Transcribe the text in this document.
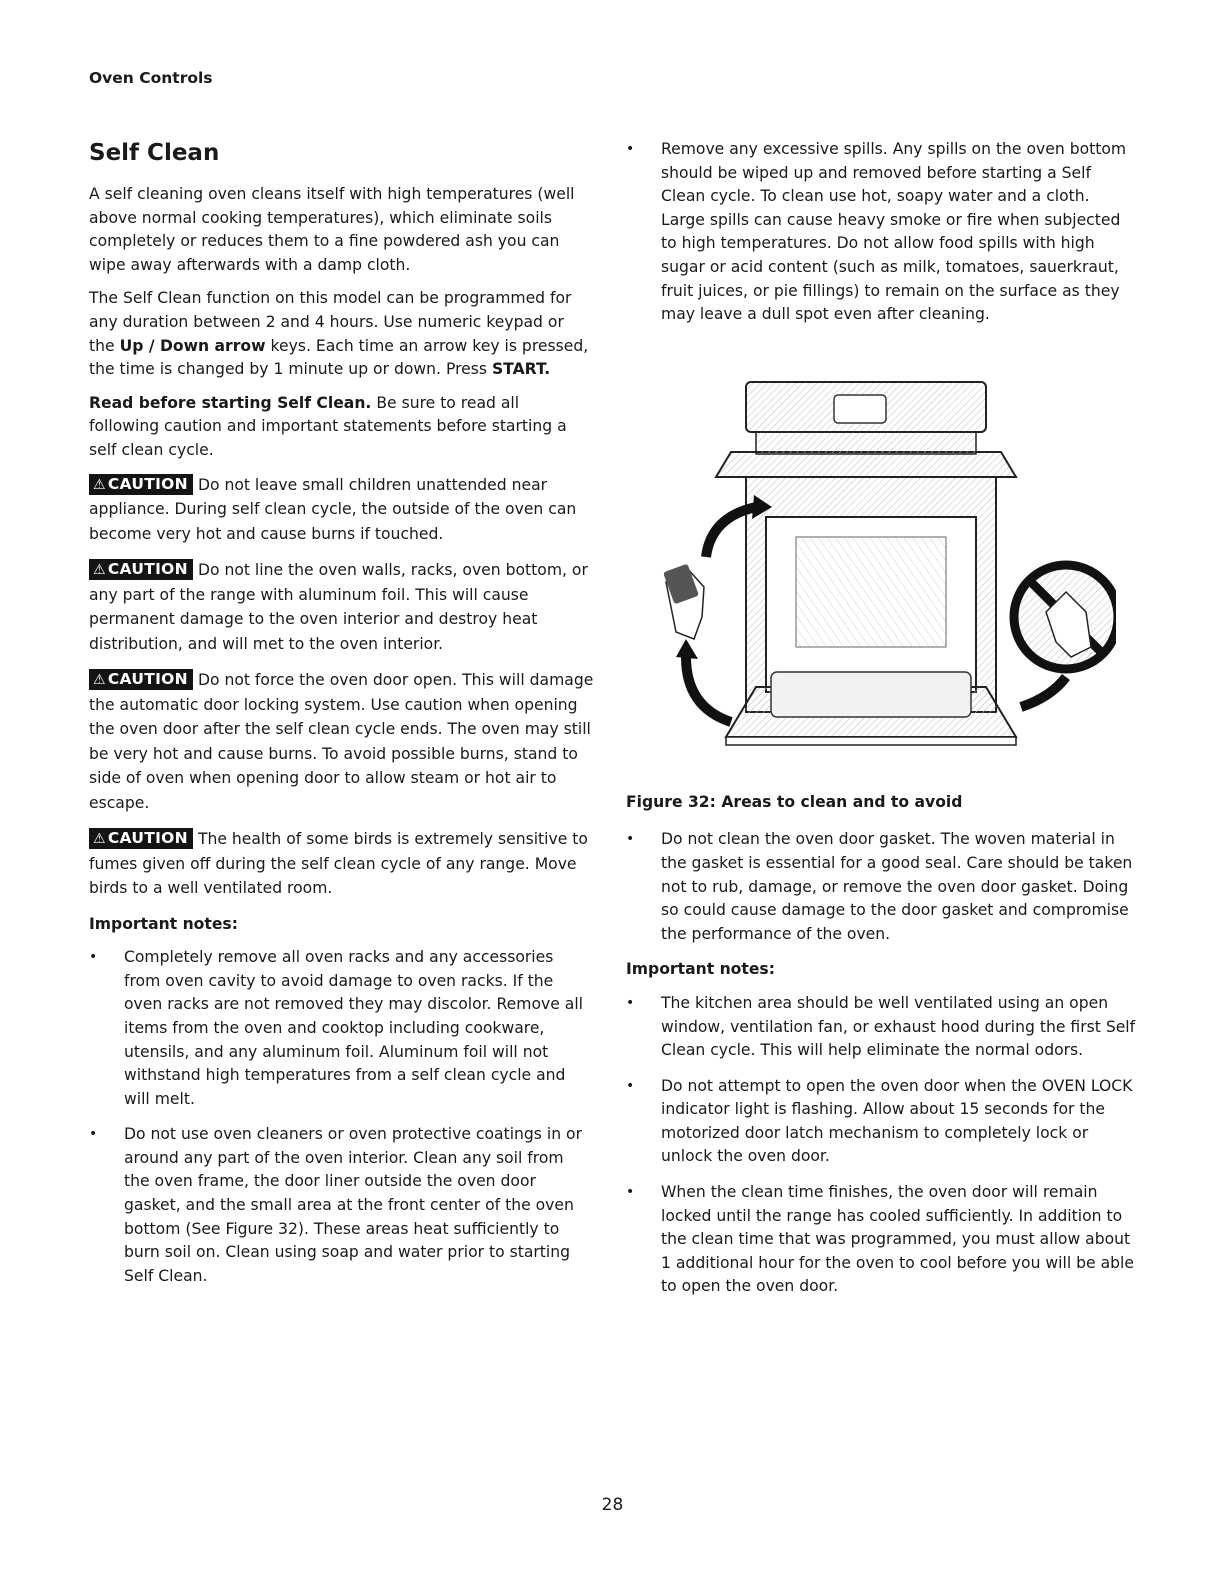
Oven Controls
Self Clean

A self cleaning oven cleans itself with high temperatures (well above normal cooking temperatures), which eliminate soils completely or reduces them to a fine powdered ash you can wipe away afterwards with a damp cloth.

The Self Clean function on this model can be programmed for any duration between 2 and 4 hours. Use numeric keypad or the Up / Down arrow keys. Each time an arrow key is pressed, the time is changed by 1 minute up or down. Press START.

Read before starting Self Clean. Be sure to read all following caution and important statements before starting a self clean cycle.

⚠ CAUTION Do not leave small children unattended near appliance. During self clean cycle, the outside of the oven can become very hot and cause burns if touched.

⚠ CAUTION Do not line the oven walls, racks, oven bottom, or any part of the range with aluminum foil. This will cause permanent damage to the oven interior and destroy heat distribution, and will met to the oven interior.

⚠ CAUTION Do not force the oven door open. This will damage the automatic door locking system. Use caution when opening the oven door after the self clean cycle ends. The oven may still be very hot and cause burns. To avoid possible burns, stand to side of oven when opening door to allow steam or hot air to escape.

⚠ CAUTION The health of some birds is extremely sensitive to fumes given off during the self clean cycle of any range. Move birds to a well ventilated room.

Important notes:
• Completely remove all oven racks and any accessories from oven cavity to avoid damage to oven racks. If the oven racks are not removed they may discolor. Remove all items from the oven and cooktop including cookware, utensils, and any aluminum foil. Aluminum foil will not withstand high temperatures from a self clean cycle and will melt.
• Do not use oven cleaners or oven protective coatings in or around any part of the oven interior. Clean any soil from the oven frame, the door liner outside the oven door gasket, and the small area at the front center of the oven bottom (See Figure 32). These areas heat sufficiently to burn soil on. Clean using soap and water prior to starting Self Clean.
• Remove any excessive spills. Any spills on the oven bottom should be wiped up and removed before starting a Self Clean cycle. To clean use hot, soapy water and a cloth. Large spills can cause heavy smoke or fire when subjected to high temperatures. Do not allow food spills with high sugar or acid content (such as milk, tomatoes, sauerkraut, fruit juices, or pie fillings) to remain on the surface as they may leave a dull spot even after cleaning.
Figure 32: Areas to clean and to avoid
• Do not clean the oven door gasket. The woven material in the gasket is essential for a good seal. Care should be taken not to rub, damage, or remove the oven door gasket. Doing so could cause damage to the door gasket and compromise the performance of the oven.
Important notes:
• The kitchen area should be well ventilated using an open window, ventilation fan, or exhaust hood during the first Self Clean cycle. This will help eliminate the normal odors.
• Do not attempt to open the oven door when the OVEN LOCK indicator light is flashing. Allow about 15 seconds for the motorized door latch mechanism to completely lock or unlock the oven door.
• When the clean time finishes, the oven door will remain locked until the range has cooled sufficiently. In addition to the clean time that was programmed, you must allow about 1 additional hour for the oven to cool before you will be able to open the oven door.
28
